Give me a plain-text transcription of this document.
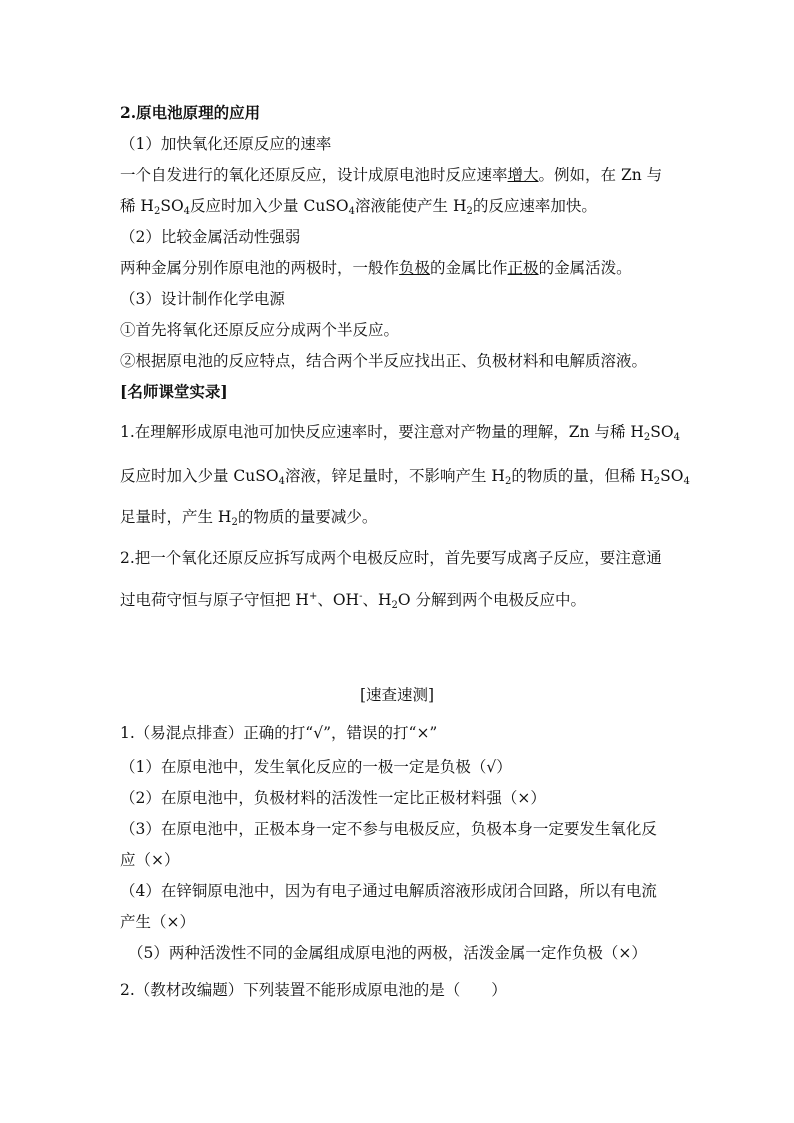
2.原电池原理的应用
（1）加快氧化还原反应的速率
一个自发进行的氧化还原反应，设计成原电池时反应速率增大。例如，在 Zn 与
稀 $H_2SO_4$反应时加入少量 CuSO$_4$溶液能使产生 $H_2$的反应速率加快。
（2）比较金属活动性强弱
两种金属分别作原电池的两极时，一般作负极的金属比作正极的金属活泼。
（3）设计制作化学电源
①首先将氧化还原反应分成两个半反应。
②根据原电池的反应特点，结合两个半反应找出正、负极材料和电解质溶液。
[名师课堂实录]
1.在理解形成原电池可加快反应速率时，要注意对产物量的理解，Zn 与稀 $H_2SO_4$
反应时加入少量 CuSO$_4$溶液，锌足量时，不影响产生 $H_2$的物质的量，但稀 $H_2SO_4$
足量时，产生 $H_2$的物质的量要减少。
2.把一个氧化还原反应拆写成两个电极反应时，首先要写成离子反应，要注意通
过电荷守恒与原子守恒把 H+、OH-、$H_2O$ 分解到两个电极反应中。
[速查速测]
1.（易混点排查）正确的打“√”，错误的打“×”
（1）在原电池中，发生氧化反应的一极一定是负极（√）
（2）在原电池中，负极材料的活泼性一定比正极材料强（×）
（3）在原电池中，正极本身一定不参与电极反应，负极本身一定要发生氧化反
应（×）
（4）在锌铜原电池中，因为有电子通过电解质溶液形成闭合回路，所以有电流
产生（×）
（5）两种活泼性不同的金属组成原电池的两极，活泼金属一定作负极（×）
2.（教材改编题）下列装置不能形成原电池的是（　　）
